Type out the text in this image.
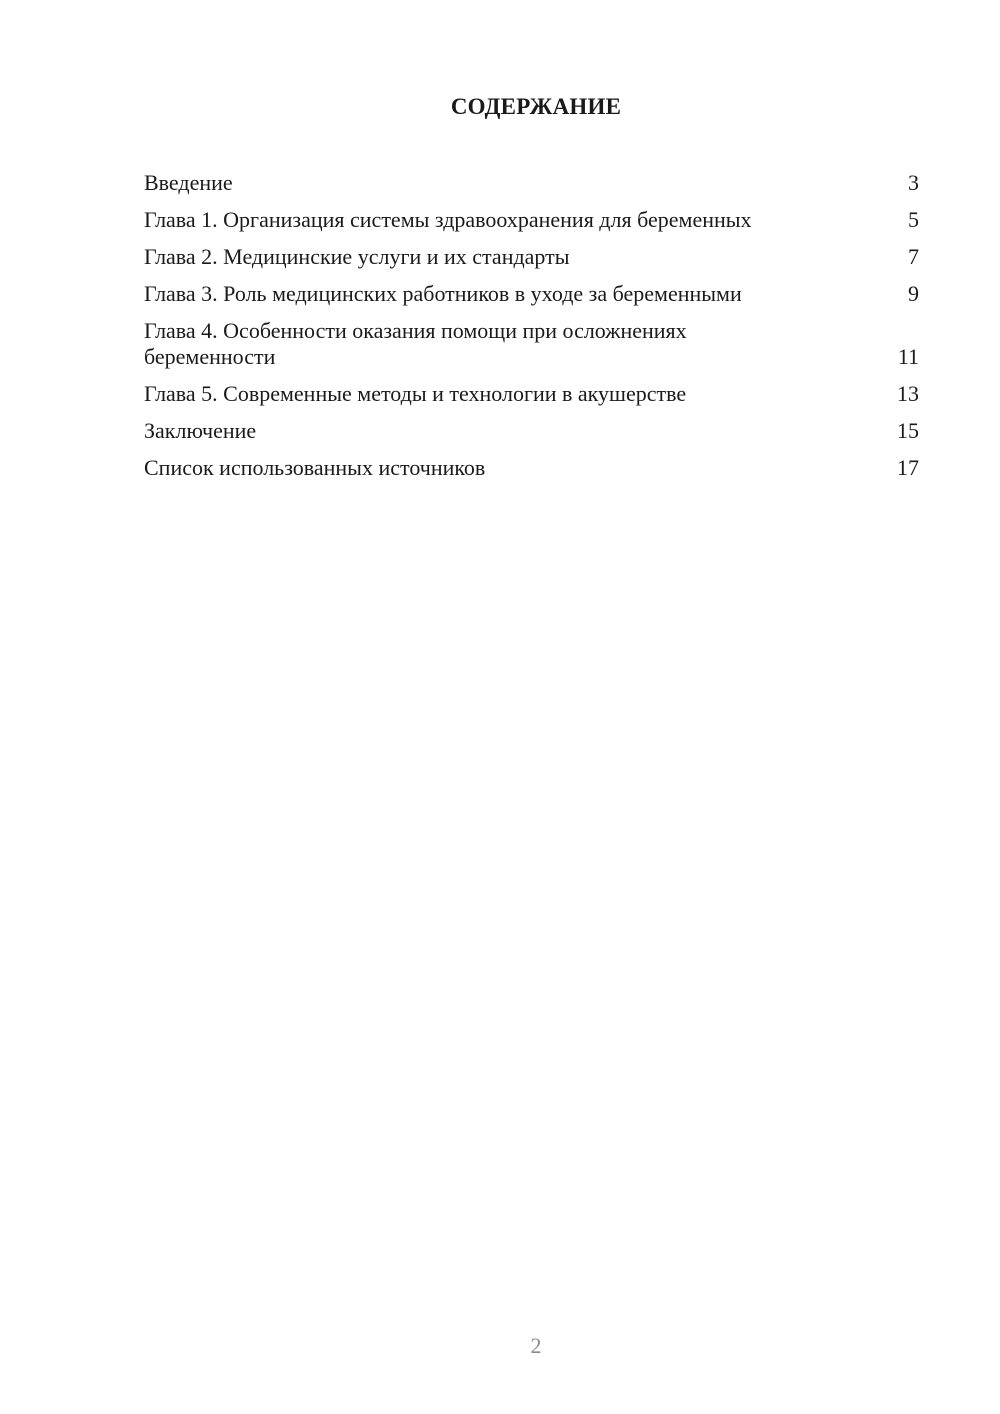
СОДЕРЖАНИЕ
Введение	3
Глава 1. Организация системы здравоохранения для беременных	5
Глава 2. Медицинские услуги и их стандарты	7
Глава 3. Роль медицинских работников в уходе за беременными	9
Глава 4. Особенности оказания помощи при осложнениях беременности	11
Глава 5. Современные методы и технологии в акушерстве	13
Заключение	15
Список использованных источников	17
2
